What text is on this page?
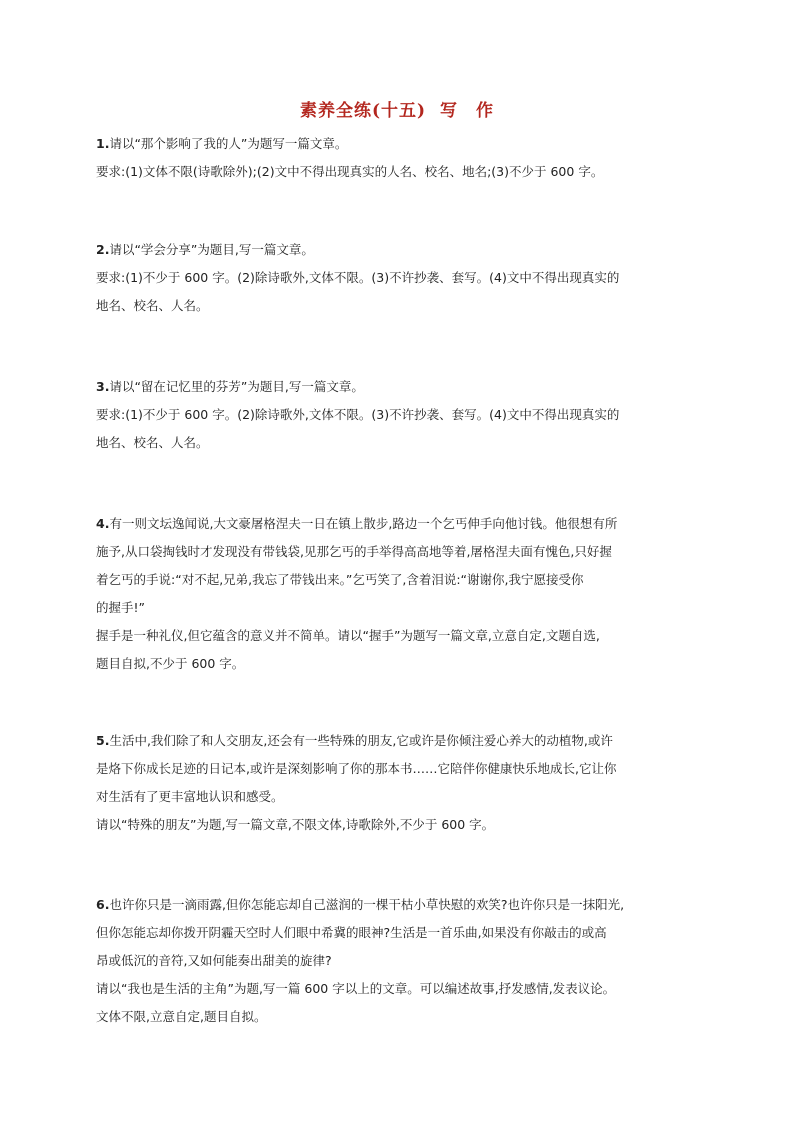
素养全练(十五) 写　作

1.请以“那个影响了我的人”为题写一篇文章。

要求:(1)文体不限(诗歌除外);(2)文中不得出现真实的人名、校名、地名;(3)不少于 600 字。

2.请以“学会分享”为题目,写一篇文章。

要求:(1)不少于 600 字。(2)除诗歌外,文体不限。(3)不许抄袭、套写。(4)文中不得出现真实的

地名、校名、人名。

3.请以“留在记忆里的芬芳”为题目,写一篇文章。

要求:(1)不少于 600 字。(2)除诗歌外,文体不限。(3)不许抄袭、套写。(4)文中不得出现真实的

地名、校名、人名。

4.有一则文坛逸闻说,大文豪屠格涅夫一日在镇上散步,路边一个乞丐伸手向他讨钱。他很想有所

施予,从口袋掏钱时才发现没有带钱袋,见那乞丐的手举得高高地等着,屠格涅夫面有愧色,只好握

着乞丐的手说:“对不起,兄弟,我忘了带钱出来。”乞丐笑了,含着泪说:“谢谢你,我宁愿接受你

的握手!”

握手是一种礼仪,但它蕴含的意义并不简单。请以“握手”为题写一篇文章,立意自定,文题自选,

题目自拟,不少于 600 字。

5.生活中,我们除了和人交朋友,还会有一些特殊的朋友,它或许是你倾注爱心养大的动植物,或许

是烙下你成长足迹的日记本,或许是深刻影响了你的那本书……它陪伴你健康快乐地成长,它让你

对生活有了更丰富地认识和感受。

请以“特殊的朋友”为题,写一篇文章,不限文体,诗歌除外,不少于 600 字。

6.也许你只是一滴雨露,但你怎能忘却自己滋润的一棵干枯小草快慰的欢笑?也许你只是一抹阳光,

但你怎能忘却你拨开阴霾天空时人们眼中希冀的眼神?生活是一首乐曲,如果没有你敲击的或高

昂或低沉的音符,又如何能奏出甜美的旋律?

请以“我也是生活的主角”为题,写一篇 600 字以上的文章。可以编述故事,抒发感情,发表议论。

文体不限,立意自定,题目自拟。
